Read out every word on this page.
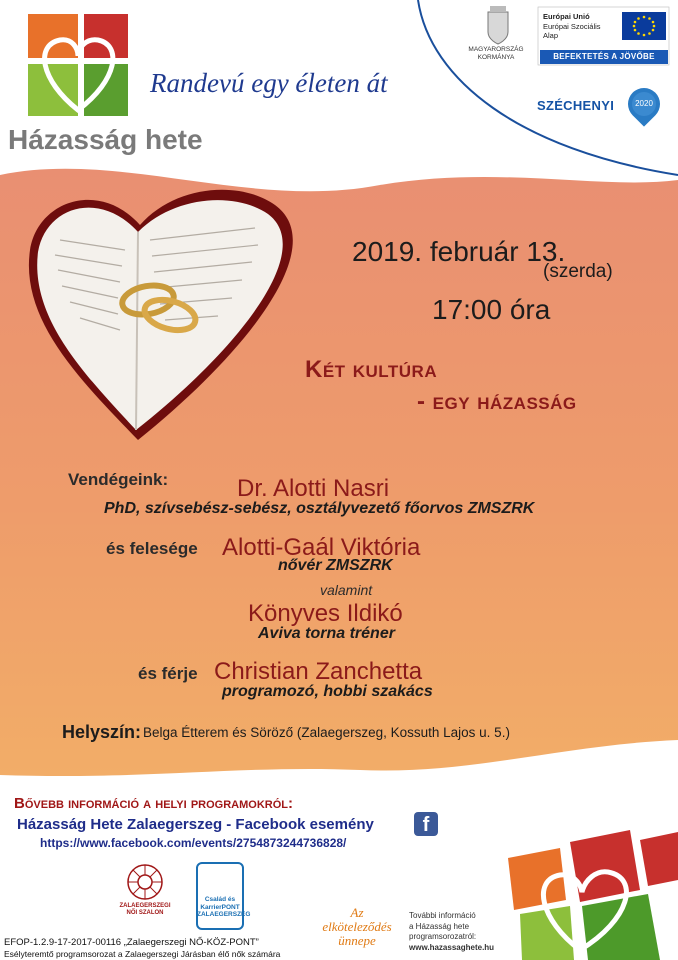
Randevú egy életen át
Házasság hete
MAGYARORSZÁG
KORMÁNYA
Európai Unió
Európai Szociális
Alap
BEFEKTETÉS A JÖVŐBE
SZÉCHENYI	2020
2019. február 13.
(szerda)
17:00 óra
Két kultúra
- egy házasság
Vendégeink:	Dr. Alotti Nasri
PhD, szívsebész-sebész, osztályvezető főorvos ZMSZRK
és felesége Alotti-Gaál Viktória
nővér ZMSZRK
valamint
Könyves Ildikó
Aviva torna tréner
és férje Christian Zanchetta
programozó, hobbi szakács
Helyszín: Belga Étterem és Söröző (Zalaegerszeg, Kossuth Lajos u. 5.)
Bővebb információ a helyi programokról:
Házasság Hete Zalaegerszeg - Facebook esemény
https://www.facebook.com/events/2754873244736828/
f
ZALAEGERSZEGI
NŐI SZALON
Család és
KarrierPONT
ZALAEGERSZEG	Az
elköteleződés
ünnepe
További információ
a Házasság hete
programsorozatról:
www.hazassaghete.hu
EFOP-1.2.9-17-2017-00116 „Zalaegerszegi NŐ-KÖZ-PONT”
Esélyteremtő programsorozat a Zalaegerszegi Járásban élő nők számára
